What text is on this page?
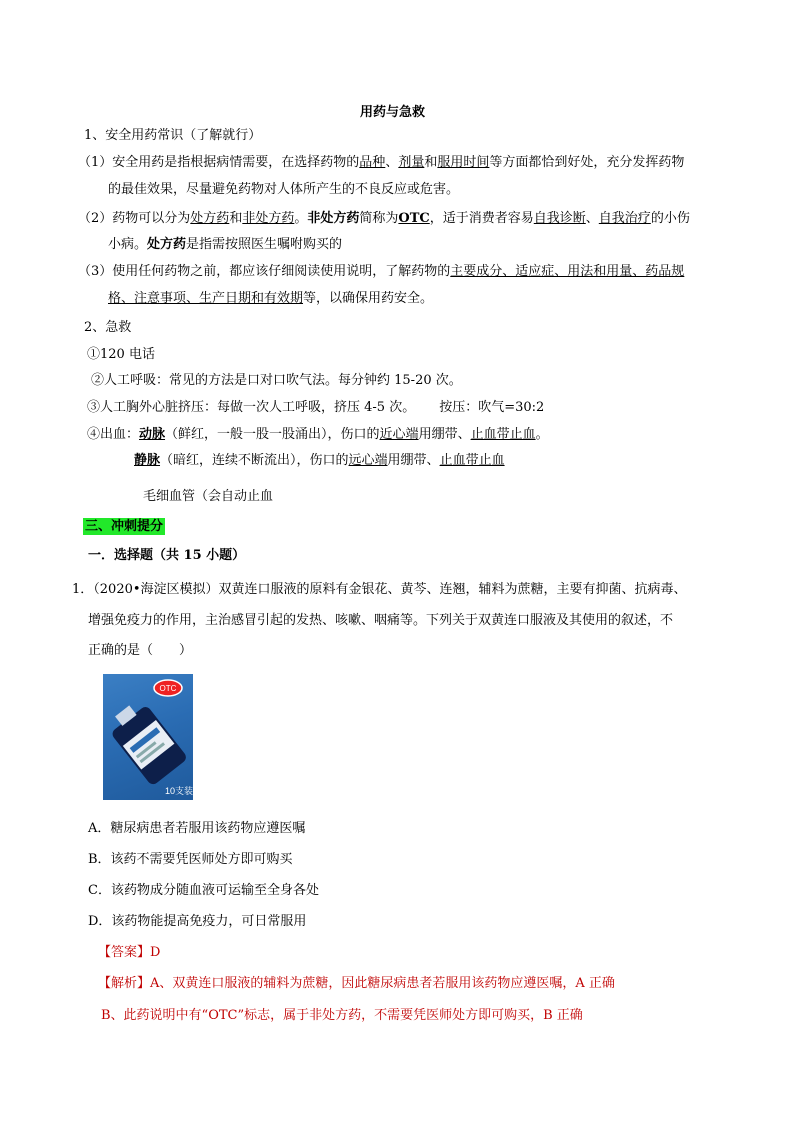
用药与急救
1、安全用药常识（了解就行）
（1）安全用药是指根据病情需要，在选择药物的品种、剂量和服用时间等方面都恰到好处，充分发挥药物
的最佳效果，尽量避免药物对人体所产生的不良反应或危害。
（2）药物可以分为处方药和非处方药。非处方药简称为OTC，适于消费者容易自我诊断、自我治疗的小伤
小病。处方药是指需按照医生嘱咐购买的
（3）使用任何药物之前，都应该仔细阅读使用说明，了解药物的主要成分、适应症、用法和用量、药品规
格、注意事项、生产日期和有效期等，以确保用药安全。
2、急救
①120 电话
②人工呼吸：常见的方法是口对口吹气法。每分钟约 15-20 次。
③人工胸外心脏挤压：每做一次人工呼吸，挤压 4-5 次。 按压：吹气=30:2
④出血：动脉（鲜红，一般一股一股涌出），伤口的近心端用绷带、止血带止血。
静脉（暗红，连续不断流出），伤口的远心端用绷带、止血带止血
毛细血管（会自动止血
三、冲刺提分
一．选择题（共 15 小题）
1．（2020•海淀区模拟）双黄连口服液的原料有金银花、黄芩、连翘，辅料为蔗糖，主要有抑菌、抗病毒、
增强免疫力的作用，主治感冒引起的发热、咳嗽、咽痛等。下列关于双黄连口服液及其使用的叙述，不
正确的是（　　）
OTC
10支装
A．糖尿病患者若服用该药物应遵医嘱
B．该药不需要凭医师处方即可购买
C．该药物成分随血液可运输至全身各处
D．该药物能提高免疫力，可日常服用
【答案】D
【解析】A、双黄连口服液的辅料为蔗糖，因此糖尿病患者若服用该药物应遵医嘱，A 正确
B、此药说明中有“OTC”标志，属于非处方药，不需要凭医师处方即可购买，B 正确
